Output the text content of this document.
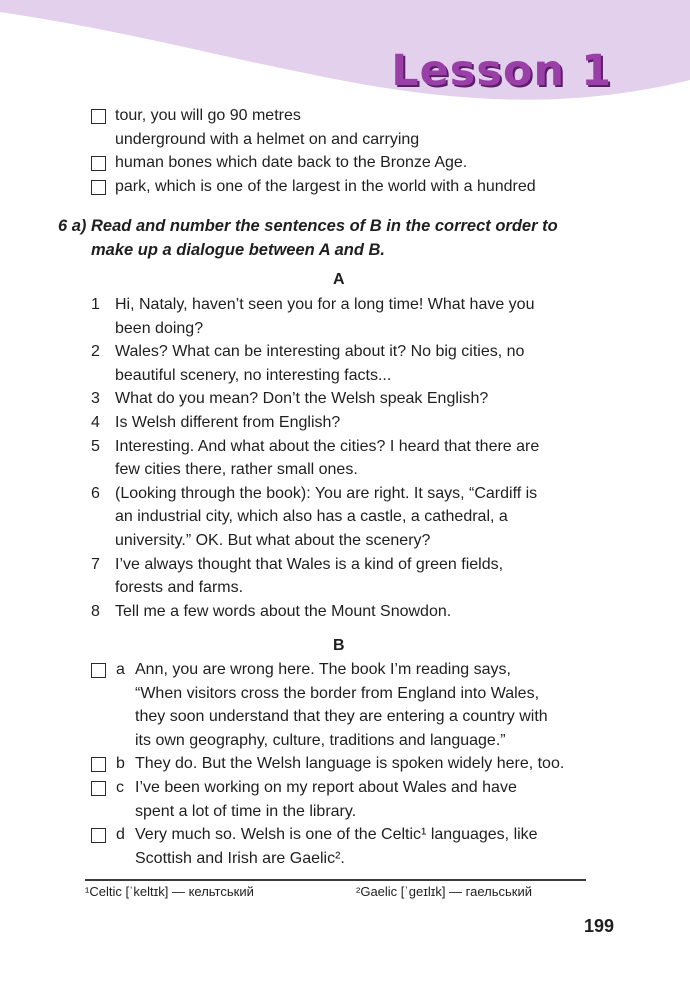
Lesson 1
tour, you will go 90 metres
underground with a helmet on and carrying
human bones which date back to the Bronze Age.
park, which is one of the largest in the world with a hundred
6 a) Read and number the sentences of B in the correct order to
make up a dialogue between A and B.
A
1 Hi, Nataly, haven’t seen you for a long time! What have you
been doing?
2 Wales? What can be interesting about it? No big cities, no
beautiful scenery, no interesting facts...
3 What do you mean? Don’t the Welsh speak English?
4 Is Welsh different from English?
5 Interesting. And what about the cities? I heard that there are
few cities there, rather small ones.
6 (Looking through the book): You are right. It says, “Cardiff is
an industrial city, which also has a castle, a cathedral, a
university.” OK. But what about the scenery?
7 I’ve always thought that Wales is a kind of green fields,
forests and farms.
8 Tell me a few words about the Mount Snowdon.
B
a Ann, you are wrong here. The book I’m reading says,
“When visitors cross the border from England into Wales,
they soon understand that they are entering a country with
its own geography, culture, traditions and language.”
b They do. But the Welsh language is spoken widely here, too.
c I’ve been working on my report about Wales and have
spent a lot of time in the library.
d Very much so. Welsh is one of the Celtic¹ languages, like
Scottish and Irish are Gaelic².
¹Celtic [ˈkeltɪk] — кельтський	²Gaelic [ˈgeɪlɪk] — гаельський
199
